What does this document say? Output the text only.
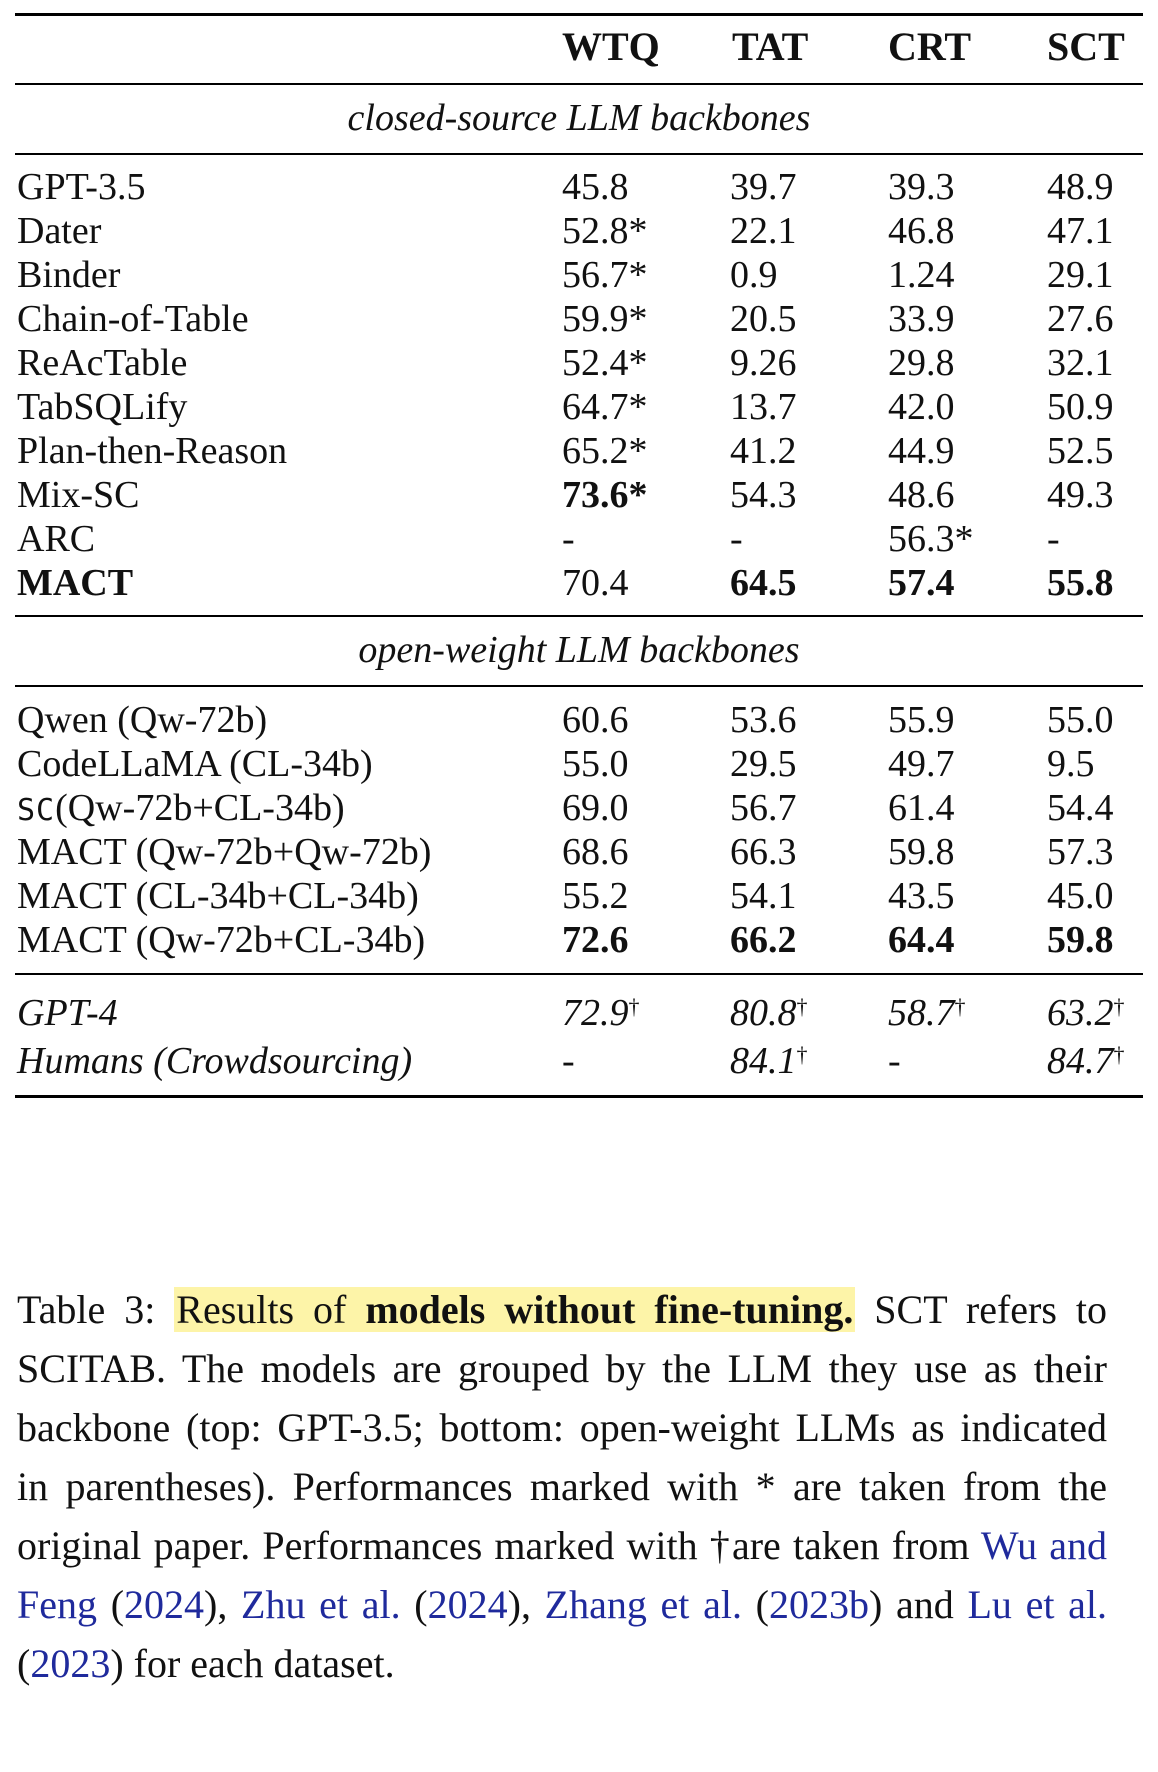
WTQ TAT CRT SCT
closed-source LLM backbones
GPT-3.5	45.8	39.7 39.3 48.9
Dater	52.8* 22.1 46.8 47.1
Binder	56.7* 0.9	1.24 29.1
Chain-of-Table	59.9* 20.5 33.9 27.6
ReAcTable	52.4* 9.26 29.8 32.1
TabSQLify	64.7* 13.7 42.0 50.9
Plan-then-Reason	65.2* 41.2 44.9 52.5
Mix-SC	73.6* 54.3 48.6 49.3
ARC	-	-	56.3* -
MACT	70.4	64.5 57.4 55.8
open-weight LLM backbones
Qwen (Qw-72b)	60.6	53.6 55.9 55.0
CodeLLaMA (CL-34b)	55.0	29.5 49.7 9.5
SC(Qw-72b+CL-34b)	69.0	56.7 61.4 54.4
MACT (Qw-72b+Qw-72b)	68.6	66.3 59.8 57.3
MACT (CL-34b+CL-34b)	55.2	54.1 43.5 45.0
MACT (Qw-72b+CL-34b)	72.6	66.2 64.4 59.8
GPT-4	72.9† 80.8† 58.7† 63.2†
Humans (Crowdsourcing)	-	84.1† -	84.7†

Table 3: Results of models without fine-tuning. SCT refers to SCITAB. The models are grouped by the LLM they use as their backbone (top: GPT-3.5; bottom: open-weight LLMs as indicated in parentheses). Performances marked with * are taken from the original paper. Performances marked with †are taken from Wu and Feng (2024), Zhu et al. (2024), Zhang et al. (2023b) and Lu et al. (2023) for each dataset.
